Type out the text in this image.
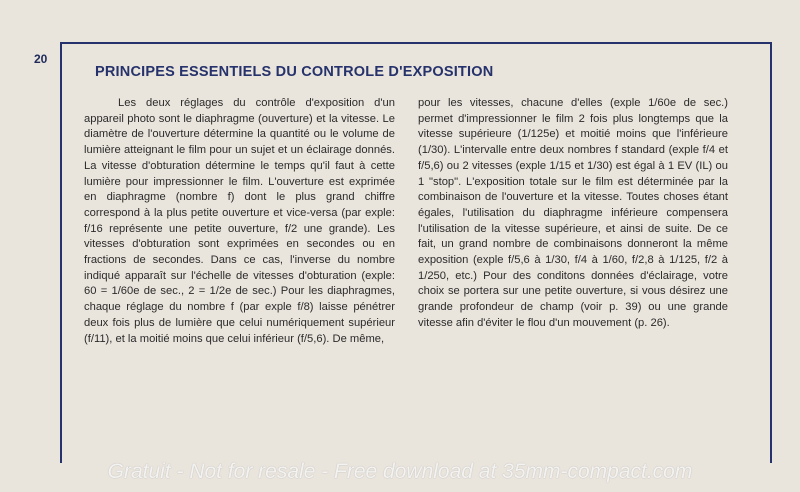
20
PRINCIPES ESSENTIELS DU CONTROLE D'EXPOSITION

Les deux réglages du contrôle d'exposition d'un appareil photo sont le diaphragme (ouverture) et la vitesse. Le diamètre de l'ouverture détermine la quantité ou le volume de lumière atteignant le film pour un sujet et un éclairage donnés. La vitesse d'obturation détermine le temps qu'il faut à cette lumière pour impressionner le film. L'ouverture est exprimée en diaphragme (nombre f) dont le plus grand chiffre correspond à la plus petite ouverture et vice-versa (par exple: f/16 représente une petite ouverture, f/2 une grande). Les vitesses d'obturation sont exprimées en secondes ou en fractions de secondes. Dans ce cas, l'inverse du nombre indiqué apparaît sur l'échelle de vitesses d'obturation (exple: 60 = 1/60e de sec., 2 = 1/2e de sec.) Pour les diaphragmes, chaque réglage du nombre f (par exple f/8) laisse pénétrer deux fois plus de lumière que celui numériquement supérieur (f/11), et la moitié moins que celui inférieur (f/5,6). De même,

pour les vitesses, chacune d'elles (exple 1/60e de sec.) permet d'impressionner le film 2 fois plus longtemps que la vitesse supérieure (1/125e) et moitié moins que l'inférieure (1/30). L'intervalle entre deux nombres f standard (exple f/4 et f/5,6) ou 2 vitesses (exple 1/15 et 1/30) est égal à 1 EV (IL) ou 1 "stop". L'exposition totale sur le film est déterminée par la combinaison de l'ouverture et la vitesse. Toutes choses étant égales, l'utilisation du diaphragme inférieure compensera l'utilisation de la vitesse supérieure, et ainsi de suite. De ce fait, un grand nombre de combinaisons donneront la même exposition (exple f/5,6 à 1/30, f/4 à 1/60, f/2,8 à 1/125, f/2 à 1/250, etc.) Pour des conditons données d'éclairage, votre choix se portera sur une petite ouverture, si vous désirez une grande profondeur de champ (voir p. 39) ou une grande vitesse afin d'éviter le flou d'un mouvement (p. 26).

Gratuit - Not for resale - Free download at 35mm-compact.com
